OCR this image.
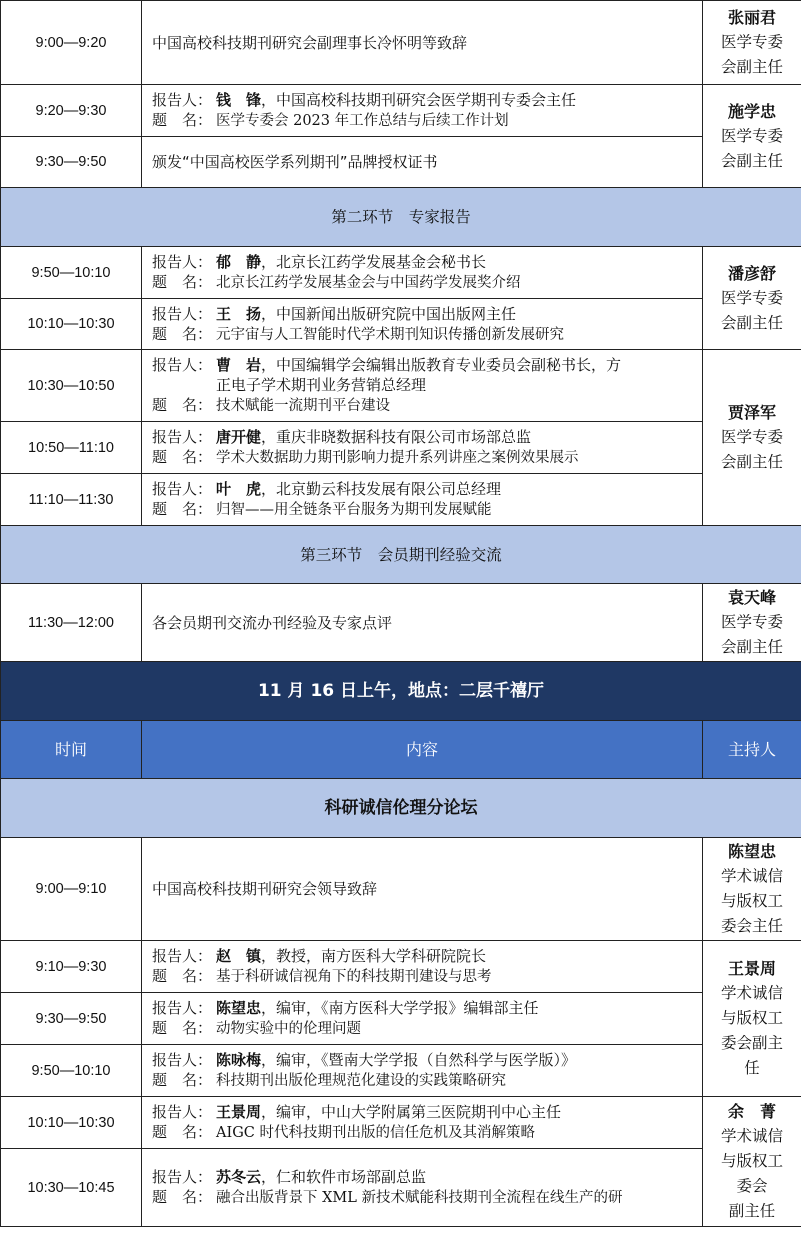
9:00—9:20	中国高校科技期刊研究会副理事长冷怀明等致辞	张丽君
医学专委
会副主任

9:20—9:30	报告人： 钱　锋，中国高校科技期刊研究会医学期刊专委会主任
题　名： 医学专委会 2023 年工作总结与后续工作计划	施学忠
医学专委
会副主任

9:30—9:50	颁发“中国高校医学系列期刊”品牌授权证书	
第二环节　专家报告		
9:50—10:10	报告人： 郁　静，北京长江药学发展基金会秘书长
题　名： 北京长江药学发展基金会与中国药学发展奖介绍	潘彦舒
医学专委
会副主任

10:10—10:30	报告人： 王　扬，中国新闻出版研究院中国出版网主任
题　名： 元宇宙与人工智能时代学术期刊知识传播创新发展研究	

10:30—10:50	报告人： 曹　岩，中国编辑学会编辑出版教育专业委员会副秘书长，方
正电子学术期刊业务营销总经理
题　名： 技术赋能一流期刊平台建设	贾泽军
医学专委
会副主任

10:50—11:10	报告人： 唐开健，重庆非晓数据科技有限公司市场部总监
题　名： 学术大数据助力期刊影响力提升系列讲座之案例效果展示	

11:10—11:30	报告人： 叶　虎，北京勤云科技发展有限公司总经理
题　名： 归智——用全链条平台服务为期刊发展赋能	

第三环节　会员期刊经验交流		
11:30—12:00	各会员期刊交流办刊经验及专家点评	袁天峰
医学专委
会副主任

11 月 16 日上午，地点：二层千禧厅		
时间	内容	主持人
科研诚信伦理分论坛		
9:00—9:10	中国高校科技期刊研究会领导致辞	陈望忠
学术诚信
与版权工
委会主任

9:10—9:30	报告人： 赵　镇，教授，南方医科大学科研院院长
题　名： 基于科研诚信视角下的科技期刊建设与思考	王景周
学术诚信
与版权工
委会副主
任

9:30—9:50	报告人： 陈望忠，编审，《南方医科大学学报》编辑部主任
题　名： 动物实验中的伦理问题	

9:50—10:10	报告人： 陈咏梅，编审，《暨南大学学报（自然科学与医学版）》
题　名： 科技期刊出版伦理规范化建设的实践策略研究	

10:10—10:30	报告人： 王景周，编审，中山大学附属第三医院期刊中心主任
题　名： AIGC 时代科技期刊出版的信任危机及其消解策略	余　菁
学术诚信
与版权工
委会
副主任

10:30—10:45	报告人： 苏冬云，仁和软件市场部副总监
题　名： 融合出版背景下 XML 新技术赋能科技期刊全流程在线生产的研	
